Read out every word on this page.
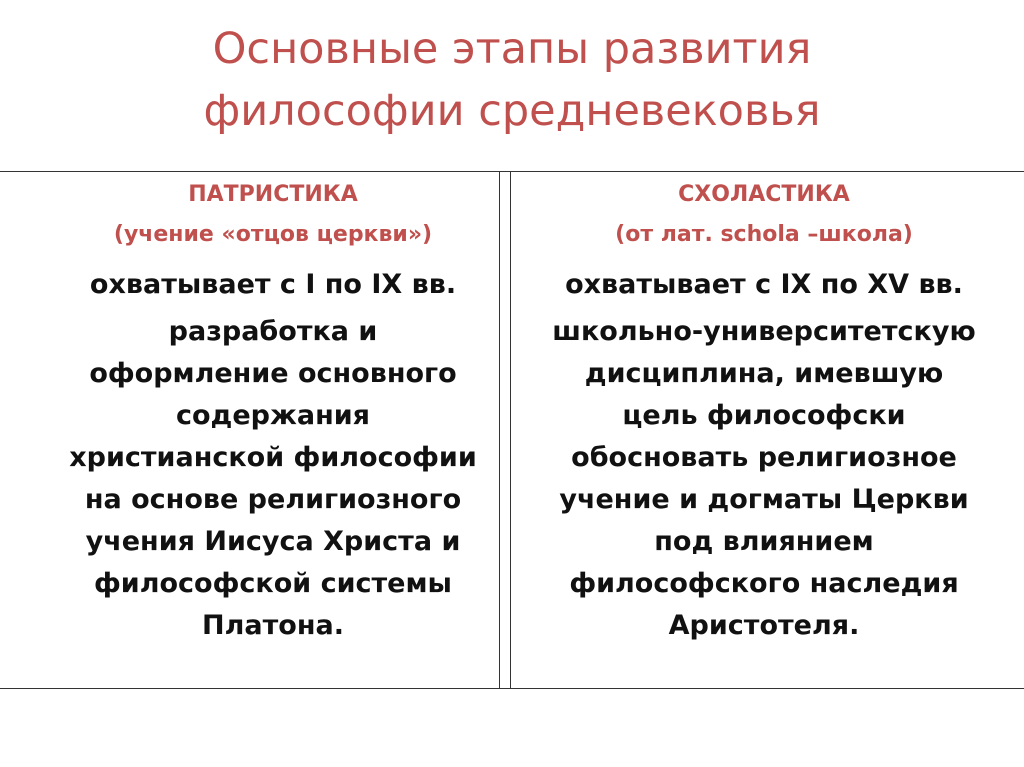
Основные этапы развития
философии средневековья

ПАТРИСТИКА

(учение «отцов церкви»)

охватывает с I по IX вв.

разработка и
оформление основного
содержания
христианской философии
на основе религиозного
учения Иисуса Христа и
философской системы
Платона.

СХОЛАСТИКА

(от лат. schola –школа)

охватывает с IX по XV вв.

школьно-университетскую
дисциплина, имевшую
цель философски
обосновать религиозное
учение и догматы Церкви
под влиянием
философского наследия
Аристотеля.
